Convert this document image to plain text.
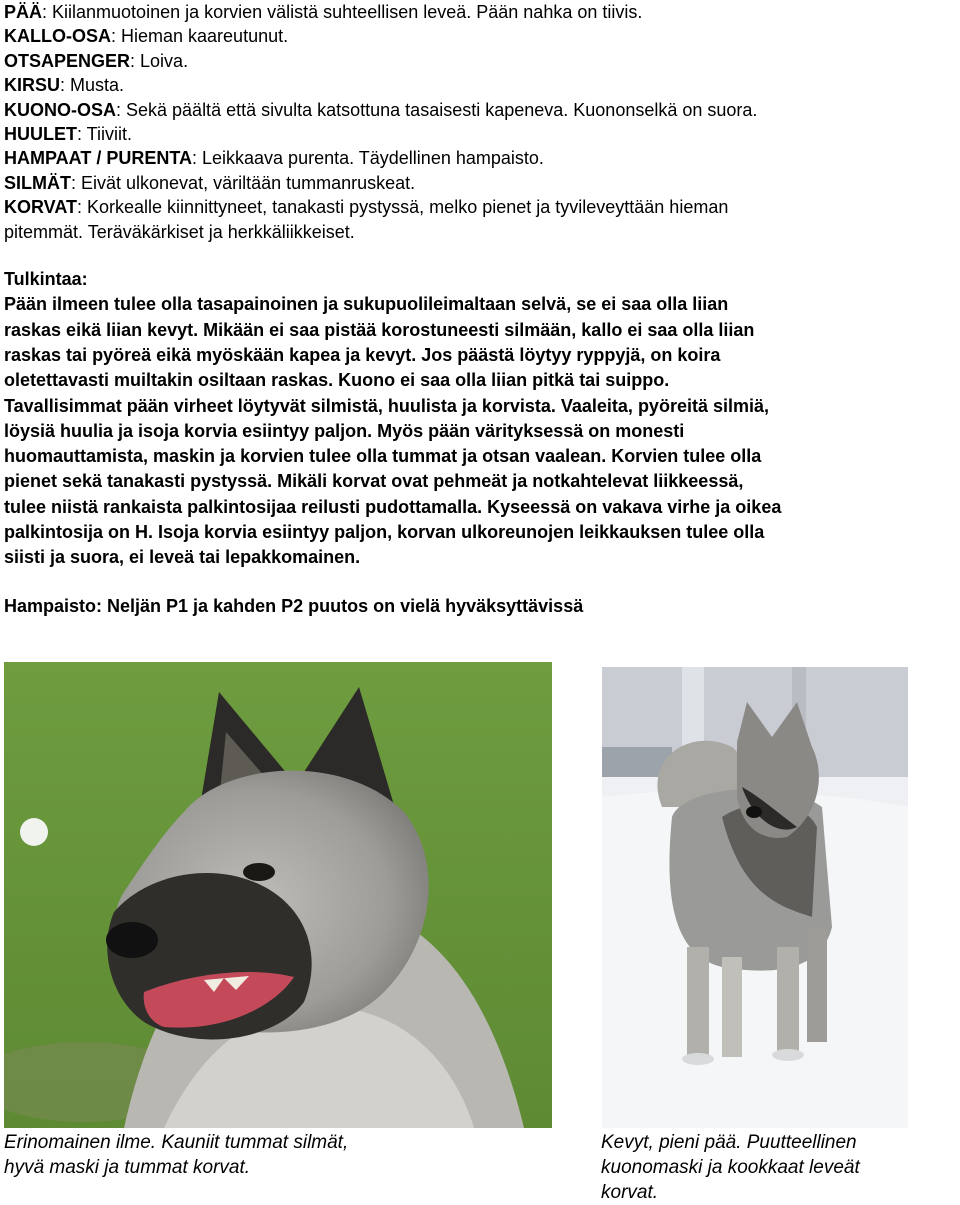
PÄÄ: Kiilanmuotoinen ja korvien välistä suhteellisen leveä. Pään nahka on tiivis.
KALLO-OSA: Hieman kaareutunut.
OTSAPENGER: Loiva.
KIRSU: Musta.
KUONO-OSA: Sekä päältä että sivulta katsottuna tasaisesti kapeneva. Kuononselkä on suora.
HUULET: Tiiviit.
HAMPAAT / PURENTA: Leikkaava purenta. Täydellinen hampaisto.
SILMÄT: Eivät ulkonevat, väriltään tummanruskeat.
KORVAT: Korkealle kiinnittyneet, tanakasti pystyssä, melko pienet ja tyvileveyttään hieman
pitemmät. Teräväkärkiset ja herkkäliikkeiset.
Tulkintaa:
Pään ilmeen tulee olla tasapainoinen ja sukupuolileimaltaan selvä, se ei saa olla liian
raskas eikä liian kevyt. Mikään ei saa pistää korostuneesti silmään, kallo ei saa olla liian
raskas tai pyöreä eikä myöskään kapea ja kevyt. Jos päästä löytyy ryppyjä, on koira
oletettavasti muiltakin osiltaan raskas. Kuono ei saa olla liian pitkä tai suippo.
Tavallisimmat pään virheet löytyvät silmistä, huulista ja korvista. Vaaleita, pyöreitä silmiä,
löysiä huulia ja isoja korvia esiintyy paljon. Myös pään värityksessä on monesti
huomauttamista, maskin ja korvien tulee olla tummat ja otsan vaalean. Korvien tulee olla
pienet sekä tanakasti pystyssä. Mikäli korvat ovat pehmeät ja notkahtelevat liikkeessä,
tulee niistä rankaista palkintosijaa reilusti pudottamalla. Kyseessä on vakava virhe ja oikea
palkintosija on H. Isoja korvia esiintyy paljon, korvan ulkoreunojen leikkauksen tulee olla
siisti ja suora, ei leveä tai lepakkomainen.
Hampaisto: Neljän P1 ja kahden P2 puutos on vielä hyväksyttävissä
Erinomainen ilme. Kauniit tummat silmät,
hyvä maski ja tummat korvat.
Kevyt, pieni pää. Puutteellinen
kuonomaski ja kookkaat leveät
korvat.
